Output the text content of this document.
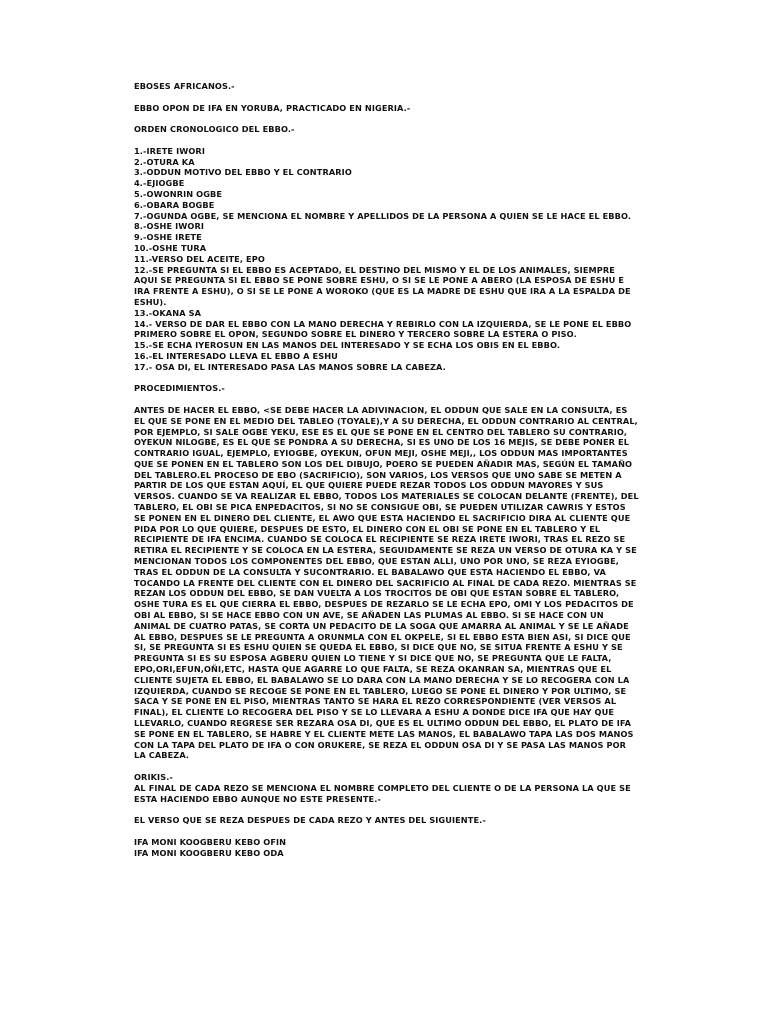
EBOSES AFRICANOS.-

EBBO OPON DE IFA EN YORUBA, PRACTICADO EN NIGERIA.-

ORDEN CRONOLOGICO DEL EBBO.-

1.-IRETE IWORI
2.-OTURA KA
3.-ODDUN MOTIVO DEL EBBO Y EL CONTRARIO
4.-EJIOGBE
5.-OWONRIN OGBE
6.-OBARA BOGBE
7.-OGUNDA OGBE, SE MENCIONA EL NOMBRE Y APELLIDOS DE LA PERSONA A QUIEN SE LE HACE EL EBBO.
8.-OSHE IWORI
9.-OSHE IRETE
10.-OSHE TURA
11.-VERSO DEL ACEITE, EPO
12.-SE PREGUNTA SI EL EBBO ES ACEPTADO, EL DESTINO DEL MISMO Y EL DE LOS ANIMALES, SIEMPRE AQUI SE PREGUNTA SI EL EBBO SE PONE SOBRE ESHU, O SI SE LE PONE A ABERO (LA ESPOSA DE ESHU E IRA FRENTE A ESHU), O SI SE LE PONE A WOROKO (QUE ES LA MADRE DE ESHU QUE IRA A LA ESPALDA DE ESHU).
13.-OKANA SA
14.- VERSO DE DAR EL EBBO CON LA MANO DERECHA Y REBIRLO CON LA IZQUIERDA, SE LE PONE EL EBBO PRIMERO SOBRE EL OPON, SEGUNDO SOBRE EL DINERO Y TERCERO SOBRE LA ESTERA O PISO.
15.-SE ECHA IYEROSUN EN LAS MANOS DEL INTERESADO Y SE ECHA LOS OBIS EN EL EBBO.
16.-EL INTERESADO LLEVA EL EBBO A ESHU
17.- OSA DI, EL INTERESADO PASA LAS MANOS SOBRE LA CABEZA.

PROCEDIMIENTOS.-

ANTES DE HACER EL EBBO, <SE DEBE HACER LA ADIVINACION, EL ODDUN QUE SALE EN LA CONSULTA, ES EL QUE SE PONE EN EL MEDIO DEL TABLEO (TOYALE),Y A SU DERECHA, EL ODDUN CONTRARIO AL CENTRAL, POR EJEMPLO, SI SALE OGBE YEKU, ESE ES EL QUE SE PONE EN EL CENTRO DEL TABLERO SU CONTRARIO, OYEKUN NILOGBE, ES EL QUE SE PONDRA A SU DERECHA, SI ES UNO DE LOS 16 MEJIS, SE DEBE PONER EL CONTRARIO IGUAL, EJEMPLO, EYIOGBE, OYEKUN, OFUN MEJI, OSHE MEJI,, LOS ODDUN MAS IMPORTANTES QUE SE PONEN EN EL TABLERO SON LOS DEL DIBUJO, POERO SE PUEDEN AÑADIR MAS, SEGÚN EL TAMAÑO DEL TABLERO.EL PROCESO DE EBO (SACRIFICIO), SON VARIOS, LOS VERSOS QUE UNO SABE SE METEN A PARTIR DE LOS QUE ESTAN AQUÍ, EL QUE QUIERE PUEDE REZAR TODOS LOS ODDUN MAYORES Y SUS VERSOS. CUANDO SE VA REALIZAR EL EBBO, TODOS LOS MATERIALES SE COLOCAN DELANTE (FRENTE), DEL TABLERO, EL OBI SE PICA ENPEDACITOS, SI NO SE CONSIGUE OBI, SE PUEDEN UTILIZAR CAWRIS Y ESTOS SE PONEN EN EL DINERO DEL CLIENTE, EL AWO QUE ESTA HACIENDO EL SACRIFICIO DIRA AL CLIENTE QUE PIDA POR LO QUE QUIERE, DESPUES DE ESTO, EL DINERO CON EL OBI SE PONE EN EL TABLERO Y EL RECIPIENTE DE IFA ENCIMA. CUANDO SE COLOCA EL RECIPIENTE SE REZA IRETE IWORI, TRAS EL REZO SE RETIRA EL RECIPIENTE Y SE COLOCA EN LA ESTERA, SEGUIDAMENTE SE REZA UN VERSO DE OTURA KA Y SE MENCIONAN TODOS LOS COMPONENTES DEL EBBO, QUE ESTAN ALLI, UNO POR UNO, SE REZA EYIOGBE, TRAS EL ODDUN DE LA CONSULTA Y SUCONTRARIO. EL BABALAWO QUE ESTA HACIENDO EL EBBO, VA TOCANDO LA FRENTE DEL CLIENTE CON EL DINERO DEL SACRIFICIO AL FINAL DE CADA REZO. MIENTRAS SE REZAN LOS ODDUN DEL EBBO, SE DAN VUELTA A LOS TROCITOS DE OBI QUE ESTAN SOBRE EL TABLERO, OSHE TURA ES EL QUE CIERRA EL EBBO, DESPUES DE REZARLO SE LE ECHA EPO, OMI Y LOS PEDACITOS DE OBI AL EBBO, SI SE HACE EBBO CON UN AVE, SE AÑADEN LAS PLUMAS AL EBBO. SI SE HACE CON UN ANIMAL DE CUATRO PATAS, SE CORTA UN PEDACITO DE LA SOGA QUE AMARRA AL ANIMAL Y SE LE AÑADE AL EBBO, DESPUES SE LE PREGUNTA A ORUNMLA CON EL OKPELE, SI EL EBBO ESTA BIEN ASI, SI DICE QUE SI, SE PREGUNTA SI ES ESHU QUIEN SE QUEDA EL EBBO, SI DICE QUE NO, SE SITUA FRENTE A ESHU Y SE PREGUNTA SI ES SU ESPOSA AGBERU QUIEN LO TIENE Y SI DICE QUE NO, SE PREGUNTA QUE LE FALTA, EPO,ORI,EFUN,OÑI,ETC, HASTA QUE AGARRE LO QUE FALTA, SE REZA OKANRAN SA, MIENTRAS QUE EL CLIENTE SUJETA EL EBBO, EL BABALAWO SE LO DARA CON LA MANO DERECHA Y SE LO RECOGERA CON LA IZQUIERDA, CUANDO SE RECOGE SE PONE EN EL TABLERO, LUEGO SE PONE EL DINERO Y POR ULTIMO, SE SACA Y SE PONE EN EL PISO, MIENTRAS TANTO SE HARA EL REZO CORRESPONDIENTE (VER VERSOS AL FINAL), EL CLIENTE LO RECOGERA DEL PISO Y SE LO LLEVARA A ESHU A DONDE DICE IFA QUE HAY QUE LLEVARLO, CUANDO REGRESE SER REZARA OSA DI, QUE ES EL ULTIMO ODDUN DEL EBBO, EL PLATO DE IFA SE PONE EN EL TABLERO, SE HABRE Y EL CLIENTE METE LAS MANOS, EL BABALAWO TAPA LAS DOS MANOS CON LA TAPA DEL PLATO DE IFA O CON ORUKERE, SE REZA EL ODDUN OSA DI Y SE PASA LAS MANOS POR LA CABEZA.

ORIKIS.-

AL FINAL DE CADA REZO SE MENCIONA EL NOMBRE COMPLETO DEL CLIENTE O DE LA PERSONA LA QUE SE ESTA HACIENDO EBBO AUNQUE NO ESTE PRESENTE.-

EL VERSO QUE SE REZA DESPUES DE CADA REZO Y ANTES DEL SIGUIENTE.-

IFA MONI KOOGBERU KEBO OFIN
IFA MONI KOOGBERU KEBO ODA
